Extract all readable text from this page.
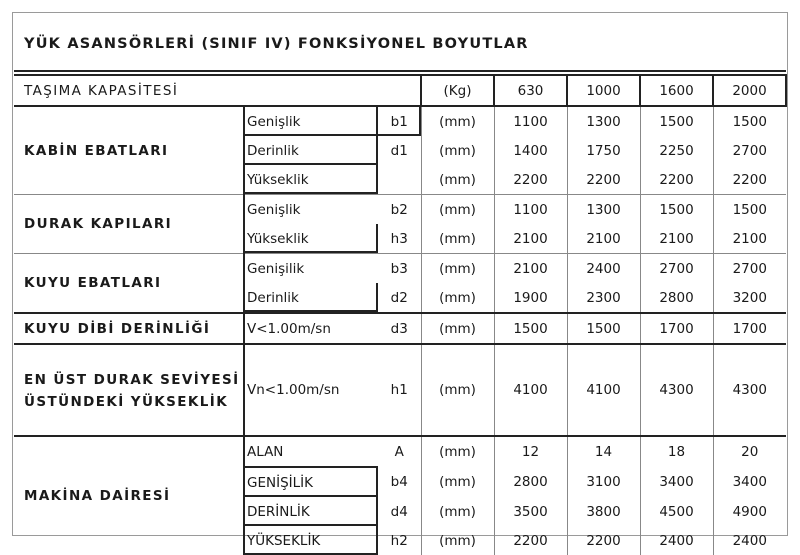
YÜK ASANSÖRLERİ (SINIF IV) FONKSİYONEL BOYUTLAR
TAŞIMA KAPASİTESİ			(Kg)	630	1000	1600	2000
KABİN EBATLARI	Genişlik	b1	(mm)	1100	1300	1500	1500
	Derinlik	d1	(mm)	1400	1750	2250	2700
	Yükseklik		(mm)	2200	2200	2200	2200
DURAK KAPILARI	Genişlik	b2	(mm)	1100	1300	1500	1500
	Yükseklik	h3	(mm)	2100	2100	2100	2100
KUYU EBATLARI	Genişilik	b3	(mm)	2100	2400	2700	2700
	Derinlik	d2	(mm)	1900	2300	2800	3200
KUYU DİBİ DERİNLİĞİ	V<1.00m/sn	d3	(mm)	1500	1500	1700	1700
EN ÜST DURAK SEVİYESİ ÜSTÜNDEKİ YÜKSEKLİK	Vn<1.00m/sn	h1	(mm)	4100	4100	4300	4300
MAKİNA DAİRESİ	ALAN	A	(mm)	12	14	18	20
	GENİŞİLİK	b4	(mm)	2800	3100	3400	3400
	DERİNLİK	d4	(mm)	3500	3800	4500	4900
	YÜKSEKLİK	h2	(mm)	2200	2200	2400	2400
